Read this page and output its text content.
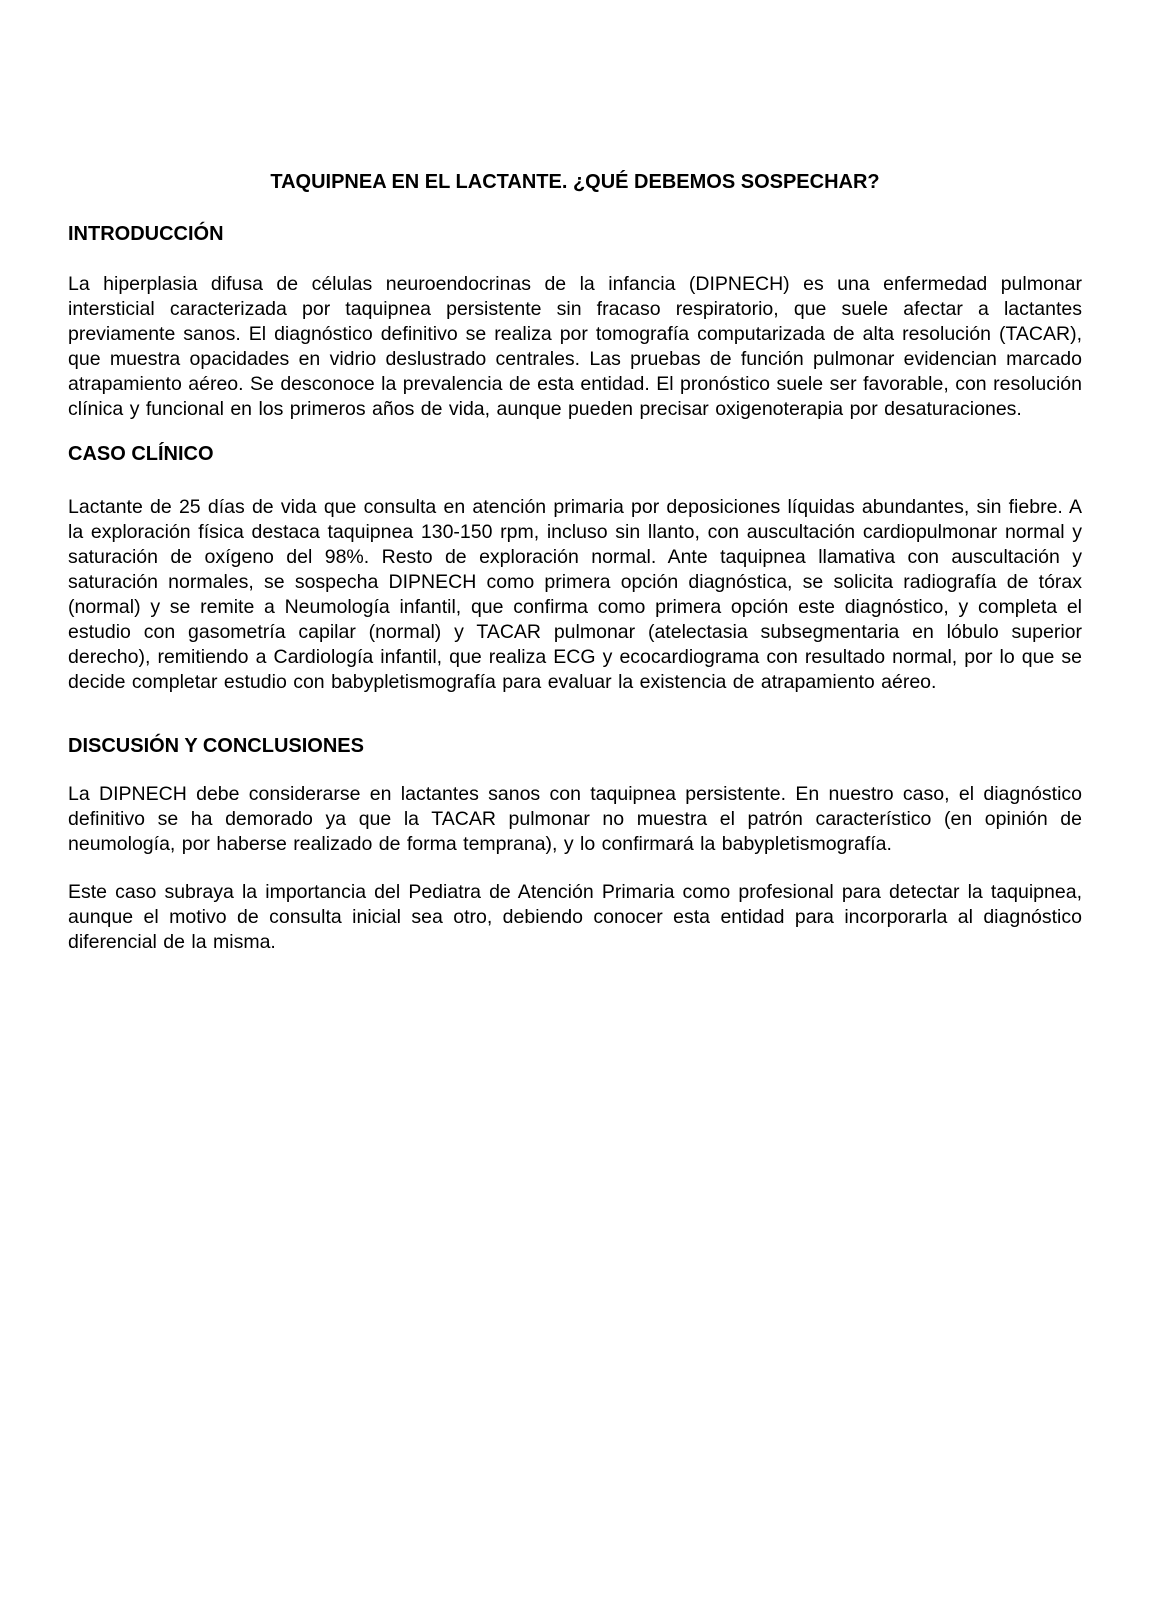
TAQUIPNEA EN EL LACTANTE. ¿QUÉ DEBEMOS SOSPECHAR?
INTRODUCCIÓN

La hiperplasia difusa de células neuroendocrinas de la infancia (DIPNECH) es una enfermedad pulmonar intersticial caracterizada por taquipnea persistente sin fracaso respiratorio, que suele afectar a lactantes previamente sanos. El diagnóstico definitivo se realiza por tomografía computarizada de alta resolución (TACAR), que muestra opacidades en vidrio deslustrado centrales. Las pruebas de función pulmonar evidencian marcado atrapamiento aéreo. Se desconoce la prevalencia de esta entidad. El pronóstico suele ser favorable, con resolución clínica y funcional en los primeros años de vida, aunque pueden precisar oxigenoterapia por desaturaciones.

CASO CLÍNICO

Lactante de 25 días de vida que consulta en atención primaria por deposiciones líquidas abundantes, sin fiebre. A la exploración física destaca taquipnea 130-150 rpm, incluso sin llanto, con auscultación cardiopulmonar normal y saturación de oxígeno del 98%. Resto de exploración normal. Ante taquipnea llamativa con auscultación y saturación normales, se sospecha DIPNECH como primera opción diagnóstica, se solicita radiografía de tórax (normal) y se remite a Neumología infantil, que confirma como primera opción este diagnóstico, y completa el estudio con gasometría capilar (normal) y TACAR pulmonar (atelectasia subsegmentaria en lóbulo superior derecho), remitiendo a Cardiología infantil, que realiza ECG y ecocardiograma con resultado normal, por lo que se decide completar estudio con babypletismografía para evaluar la existencia de atrapamiento aéreo.

DISCUSIÓN Y CONCLUSIONES

La DIPNECH debe considerarse en lactantes sanos con taquipnea persistente. En nuestro caso, el diagnóstico definitivo se ha demorado ya que la TACAR pulmonar no muestra el patrón característico (en opinión de neumología, por haberse realizado de forma temprana), y lo confirmará la babypletismografía.

Este caso subraya la importancia del Pediatra de Atención Primaria como profesional para detectar la taquipnea, aunque el motivo de consulta inicial sea otro, debiendo conocer esta entidad para incorporarla al diagnóstico diferencial de la misma.
